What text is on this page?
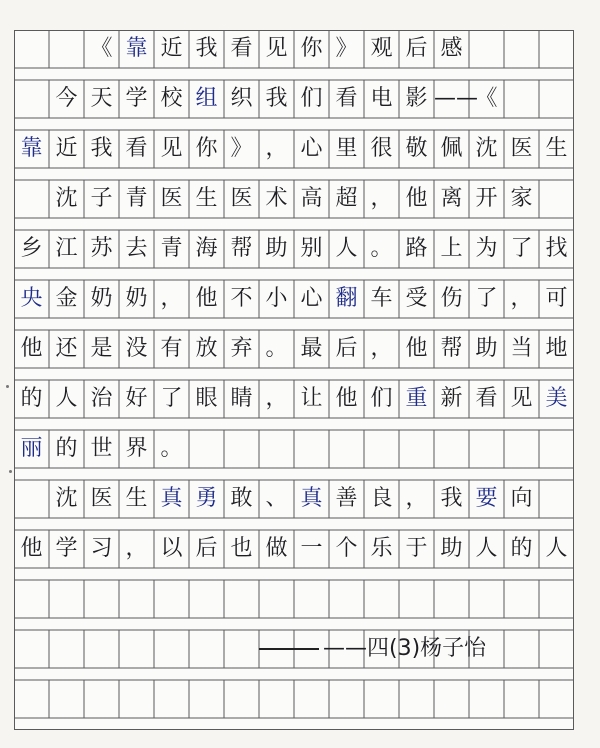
《 靠 近 我 看 见 你 》 观 后 感
今 天 学 校 组 织 我 们 看 电 影 ——
《
靠 近 我 看 见 你 》 ， 心 里 很 敬 佩 沈 医 生
沈 子 青 医 生 医 术 高 超 ， 他 离 开 家
乡 江 苏 去 青 海 帮 助 别 人 。 路 上 为 了 找
央 金 奶 奶 ， 他 不 小 心 翻 车 受 伤 了 ， 可
他 还 是 没 有 放 弃 。 最 后 ， 他 帮 助 当 地
的 人 治 好 了 眼 睛 ， 让 他 们 重 新 看 见 美
丽 的 世 界 。
沈 医 生 真 勇 敢 、 真 善 良 ， 我 要 向
他 学 习 ， 以 后 也 做 一 个 乐 于 助 人 的 人
——四(3)杨子怡
